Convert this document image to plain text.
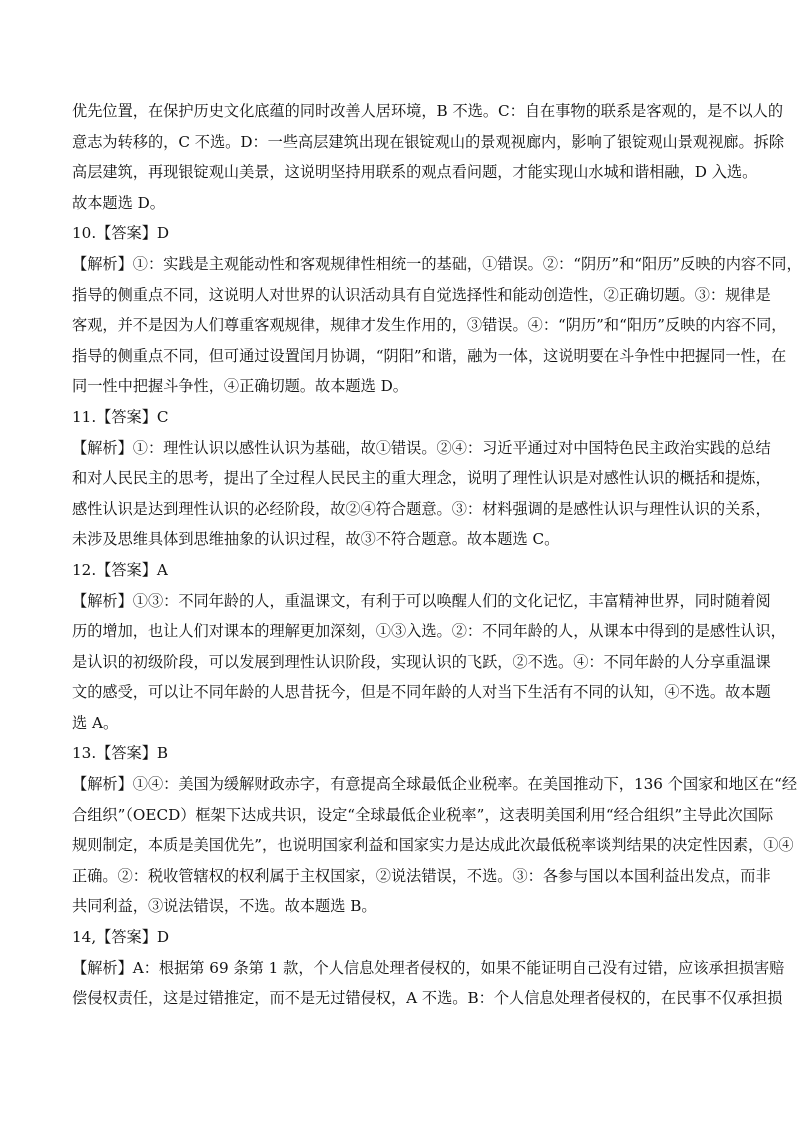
优先位置，在保护历史文化底蕴的同时改善人居环境，B 不选。C：自在事物的联系是客观的，是不以人的
意志为转移的，C 不选。D：一些高层建筑出现在银锭观山的景观视廊内，影响了银锭观山景观视廊。拆除
高层建筑，再现银锭观山美景，这说明坚持用联系的观点看问题，才能实现山水城和谐相融，D 入选。
故本题选 D。
10.【答案】D
【解析】①：实践是主观能动性和客观规律性相统一的基础，①错误。②：“阴历”和“阳历”反映的内容不同，
指导的侧重点不同，这说明人对世界的认识活动具有自觉选择性和能动创造性，②正确切题。③：规律是
客观，并不是因为人们尊重客观规律，规律才发生作用的，③错误。④：“阴历”和“阳历”反映的内容不同，
指导的侧重点不同，但可通过设置闰月协调，“阴阳”和谐，融为一体，这说明要在斗争性中把握同一性，在
同一性中把握斗争性，④正确切题。故本题选 D。
11.【答案】C
【解析】①：理性认识以感性认识为基础，故①错误。②④：习近平通过对中国特色民主政治实践的总结
和对人民民主的思考，提出了全过程人民民主的重大理念，说明了理性认识是对感性认识的概括和提炼，
感性认识是达到理性认识的必经阶段，故②④符合题意。③：材料强调的是感性认识与理性认识的关系，
未涉及思维具体到思维抽象的认识过程，故③不符合题意。故本题选 C。
12.【答案】A
【解析】①③：不同年龄的人，重温课文，有利于可以唤醒人们的文化记忆，丰富精神世界，同时随着阅
历的增加，也让人们对课本的理解更加深刻，①③入选。②：不同年龄的人，从课本中得到的是感性认识，
是认识的初级阶段，可以发展到理性认识阶段，实现认识的飞跃，②不选。④：不同年龄的人分享重温课
文的感受，可以让不同年龄的人思昔抚今，但是不同年龄的人对当下生活有不同的认知，④不选。故本题
选 A。
13.【答案】B
【解析】①④：美国为缓解财政赤字，有意提高全球最低企业税率。在美国推动下，136 个国家和地区在“经
合组织”（OECD）框架下达成共识，设定“全球最低企业税率”，这表明美国利用“经合组织”主导此次国际
规则制定，本质是美国优先”，也说明国家利益和国家实力是达成此次最低税率谈判结果的决定性因素，①④
正确。②：税收管辖权的权利属于主权国家，②说法错误，不选。③：各参与国以本国利益出发点，而非
共同利益，③说法错误，不选。故本题选 B。
14,【答案】D
【解析】A：根据第 69 条第 1 款，个人信息处理者侵权的，如果不能证明自己没有过错，应该承担损害赔
偿侵权责任，这是过错推定，而不是无过错侵权，A 不选。B：个人信息处理者侵权的，在民事不仅承担损
